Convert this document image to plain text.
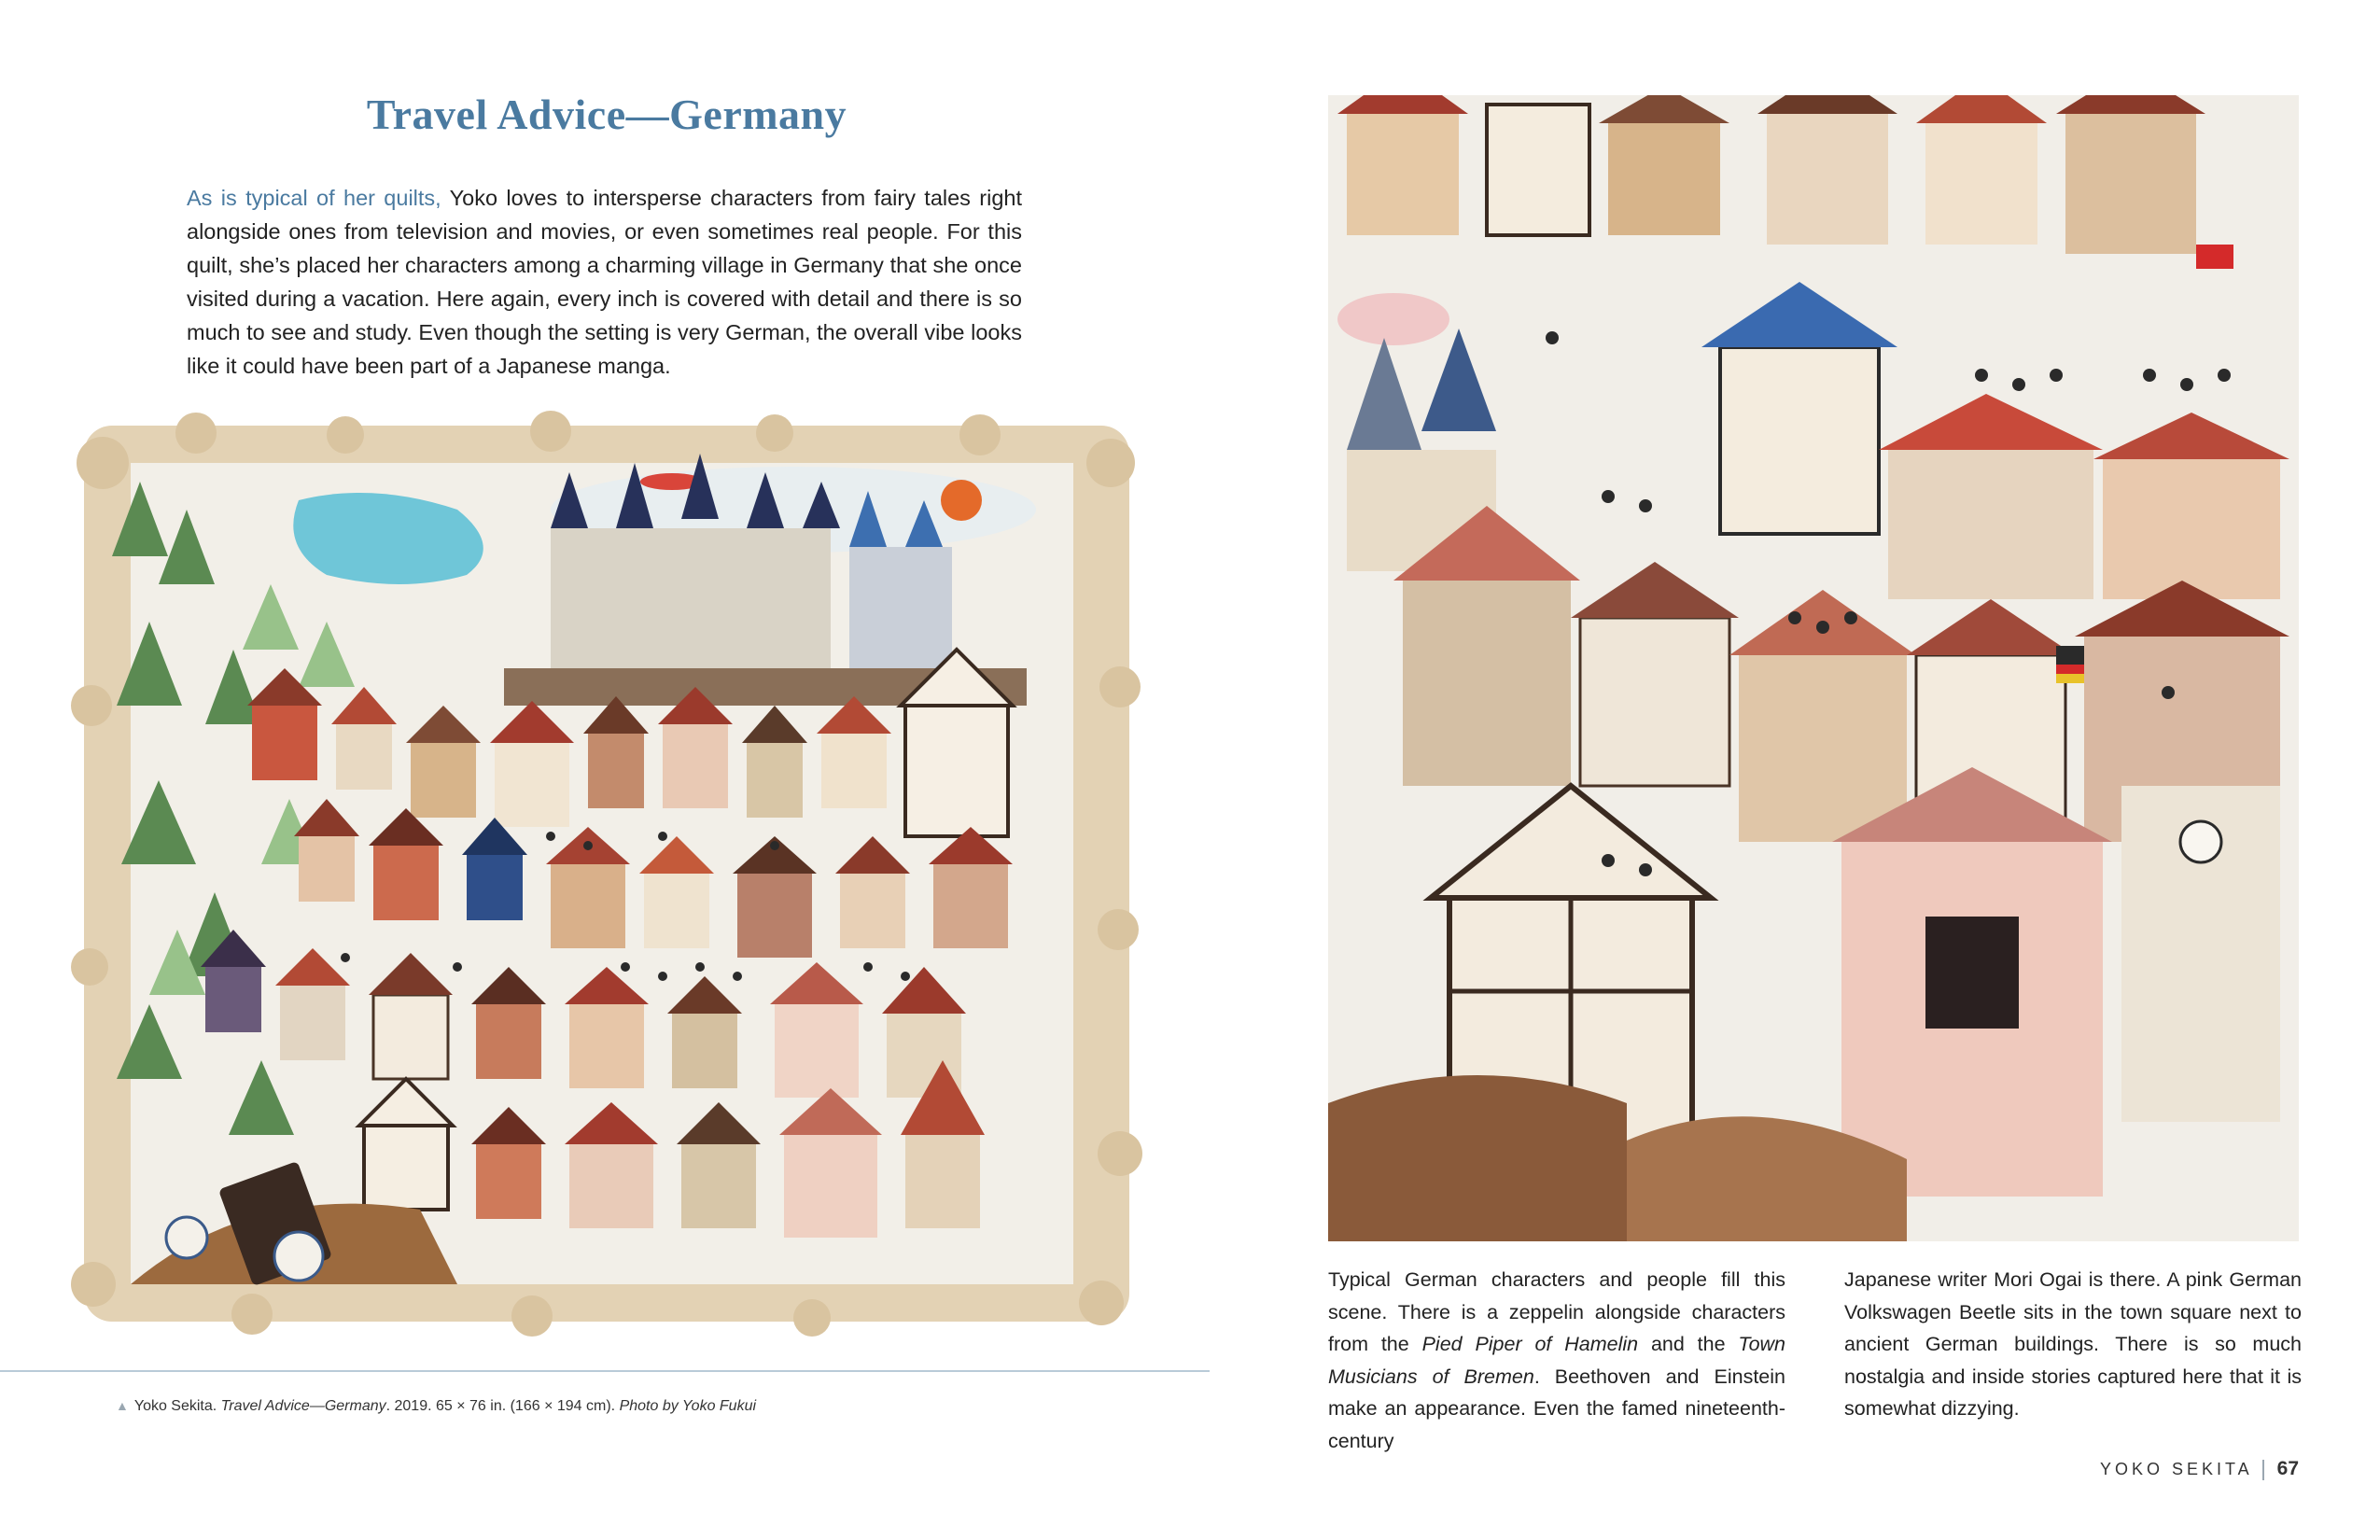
Travel Advice—Germany

As is typical of her quilts, Yoko loves to intersperse characters from fairy tales right alongside ones from television and movies, or even sometimes real people. For this quilt, she’s placed her characters among a charming village in Germany that she once visited during a vacation. Here again, every inch is covered with detail and there is so much to see and study. Even though the setting is very German, the overall vibe looks like it could have been part of a Japanese manga.

▲ Yoko Sekita. Travel Advice—Germany. 2019. 65 × 76 in. (166 × 194 cm). Photo by Yoko Fukui

Typical German characters and people fill this scene. There is a zeppelin alongside characters from the Pied Piper of Hamelin and the Town Musicians of Bremen. Beethoven and Einstein make an appearance. Even the famed nineteenth-century

Japanese writer Mori Ogai is there. A pink German Volkswagen Beetle sits in the town square next to ancient German buildings. There is so much nostalgia and inside stories captured here that it is somewhat dizzying.

YOKO SEKITA 67
